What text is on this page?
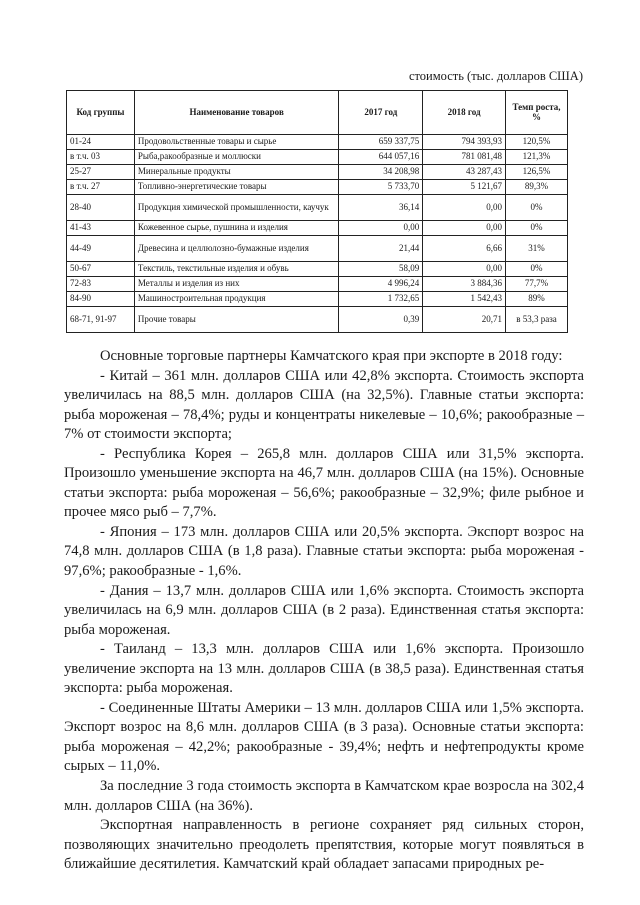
стоимость (тыс. долларов США)
Код группы	Наименование товаров	2017 год	2018 год	Темп роста, %
01-24	Продовольственные товары и сырье	659 337,75	794 393,93	120,5%
в т.ч. 03	Рыба,ракообразные и моллюски	644 057,16	781 081,48	121,3%
25-27	Минеральные продукты	34 208,98	43 287,43	126,5%
в т.ч. 27	Топливно-энергетические товары	5 733,70	5 121,67	89,3%
28-40	Продукция химической промышленности, каучук	36,14	0,00	0%
41-43	Кожевенное сырье, пушнина и изделия	0,00	0,00	0%
44-49	Древесина и целлюлозно-бумажные изделия	21,44	6,66	31%
50-67	Текстиль, текстильные изделия и обувь	58,09	0,00	0%
72-83	Металлы и изделия из них	4 996,24	3 884,36	77,7%
84-90	Машиностроительная продукция	1 732,65	1 542,43	89%
68-71, 91-97	Прочие товары	0,39	20,71	в 53,3 раза

Основные торговые партнеры Камчатского края при экспорте в 2018 году:

- Китай – 361 млн. долларов США или 42,8% экспорта. Стоимость экспорта увеличилась на 88,5 млн. долларов США (на 32,5%). Главные статьи экспорта: рыба мороженая – 78,4%; руды и концентраты никелевые – 10,6%; ракообразные – 7% от стоимости экспорта;

- Республика Корея – 265,8 млн. долларов США или 31,5% экспорта. Произошло уменьшение экспорта на 46,7 млн. долларов США (на 15%). Основные статьи экспорта: рыба мороженая – 56,6%; ракообразные – 32,9%; филе рыбное и прочее мясо рыб – 7,7%.

- Япония – 173 млн. долларов США или 20,5% экспорта. Экспорт возрос на 74,8 млн. долларов США (в 1,8 раза). Главные статьи экспорта: рыба мороженая - 97,6%; ракообразные - 1,6%.

- Дания – 13,7 млн. долларов США или 1,6% экспорта. Стоимость экспорта увеличилась на 6,9 млн. долларов США (в 2 раза). Единственная статья экспорта: рыба мороженая.

- Таиланд – 13,3 млн. долларов США или 1,6% экспорта. Произошло увеличение экспорта на 13 млн. долларов США (в 38,5 раза). Единственная статья экспорта: рыба мороженая.

- Соединенные Штаты Америки – 13 млн. долларов США или 1,5% экспорта. Экспорт возрос на 8,6 млн. долларов США (в 3 раза). Основные статьи экспорта: рыба мороженая – 42,2%; ракообразные - 39,4%; нефть и нефтепродукты кроме сырых – 11,0%.

За последние 3 года стоимость экспорта в Камчатском крае возросла на 302,4 млн. долларов США (на 36%).

Экспортная направленность в регионе сохраняет ряд сильных сторон, позволяющих значительно преодолеть препятствия, которые могут появляться в ближайшие десятилетия. Камчатский край обладает запасами природных ре-
